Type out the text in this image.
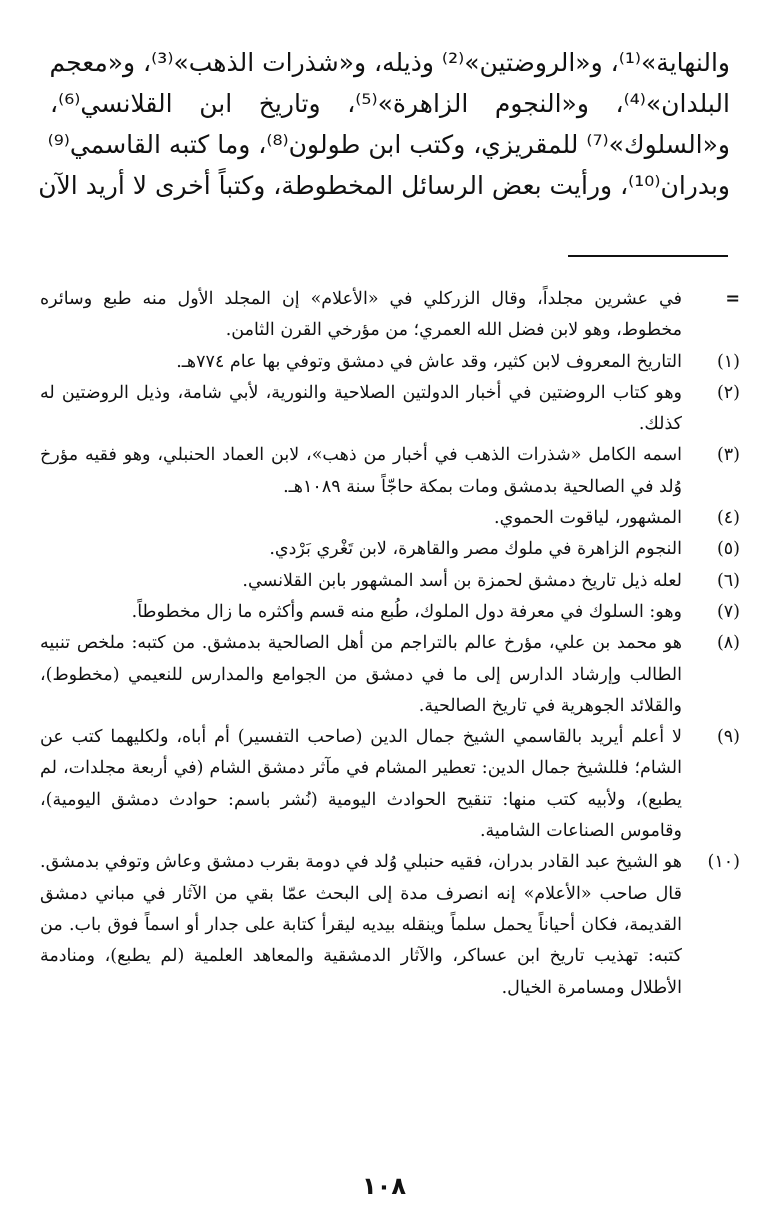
والنهاية»⁽¹⁾، و«الروضتين»⁽²⁾ وذيله، و«شذرات الذهب»⁽³⁾، و«معجم
البلدان»⁽⁴⁾، و«النجوم الزاهرة»⁽⁵⁾، وتاريخ ابن القلانسي⁽⁶⁾،
و«السلوك»⁽⁷⁾ للمقريزي، وكتب ابن طولون⁽⁸⁾، وما كتبه القاسمي⁽⁹⁾
وبدران⁽¹⁰⁾، ورأيت بعض الرسائل المخطوطة، وكتباً أخرى لا أريد الآن
=
في عشرين مجلداً، وقال الزركلي في «الأعلام» إن المجلد الأول منه طبع وسائره مخطوط، وهو لابن فضل الله العمري؛ من مؤرخي القرن الثامن.
(١)
التاريخ المعروف لابن كثير، وقد عاش في دمشق وتوفي بها عام ٧٧٤هـ.
(٢)
وهو كتاب الروضتين في أخبار الدولتين الصلاحية والنورية، لأبي شامة، وذيل الروضتين له كذلك.
(٣)
اسمه الكامل «شذرات الذهب في أخبار من ذهب»، لابن العماد الحنبلي، وهو فقيه مؤرخ وُلد في الصالحية بدمشق ومات بمكة حاجّاً سنة ١٠٨٩هـ.
(٤)
المشهور، لياقوت الحموي.
(٥)
النجوم الزاهرة في ملوك مصر والقاهرة، لابن تَغْري بَرْدي.
(٦)
لعله ذيل تاريخ دمشق لحمزة بن أسد المشهور بابن القلانسي.
(٧)
وهو: السلوك في معرفة دول الملوك، طُبع منه قسم وأكثره ما زال مخطوطاً.
(٨)
هو محمد بن علي، مؤرخ عالم بالتراجم من أهل الصالحية بدمشق. من كتبه: ملخص تنبيه الطالب وإرشاد الدارس إلى ما في دمشق من الجوامع والمدارس للنعيمي (مخطوط)، والقلائد الجوهرية في تاريخ الصالحية.
(٩)
لا أعلم أيريد بالقاسمي الشيخ جمال الدين (صاحب التفسير) أم أباه، ولكليهما كتب عن الشام؛ فللشيخ جمال الدين: تعطير المشام في مآثر دمشق الشام (في أربعة مجلدات، لم يطبع)، ولأبيه كتب منها: تنقيح الحوادث اليومية (نُشر باسم: حوادث دمشق اليومية)، وقاموس الصناعات الشامية.
(١٠)
هو الشيخ عبد القادر بدران، فقيه حنبلي وُلد في دومة بقرب دمشق وعاش وتوفي بدمشق. قال صاحب «الأعلام» إنه انصرف مدة إلى البحث عمّا بقي من الآثار في مباني دمشق القديمة، فكان أحياناً يحمل سلماً وينقله بيديه ليقرأ كتابة على جدار أو اسماً فوق باب. من كتبه: تهذيب تاريخ ابن عساكر، والآثار الدمشقية والمعاهد العلمية (لم يطبع)، ومنادمة الأطلال ومسامرة الخيال.
١٠٨
